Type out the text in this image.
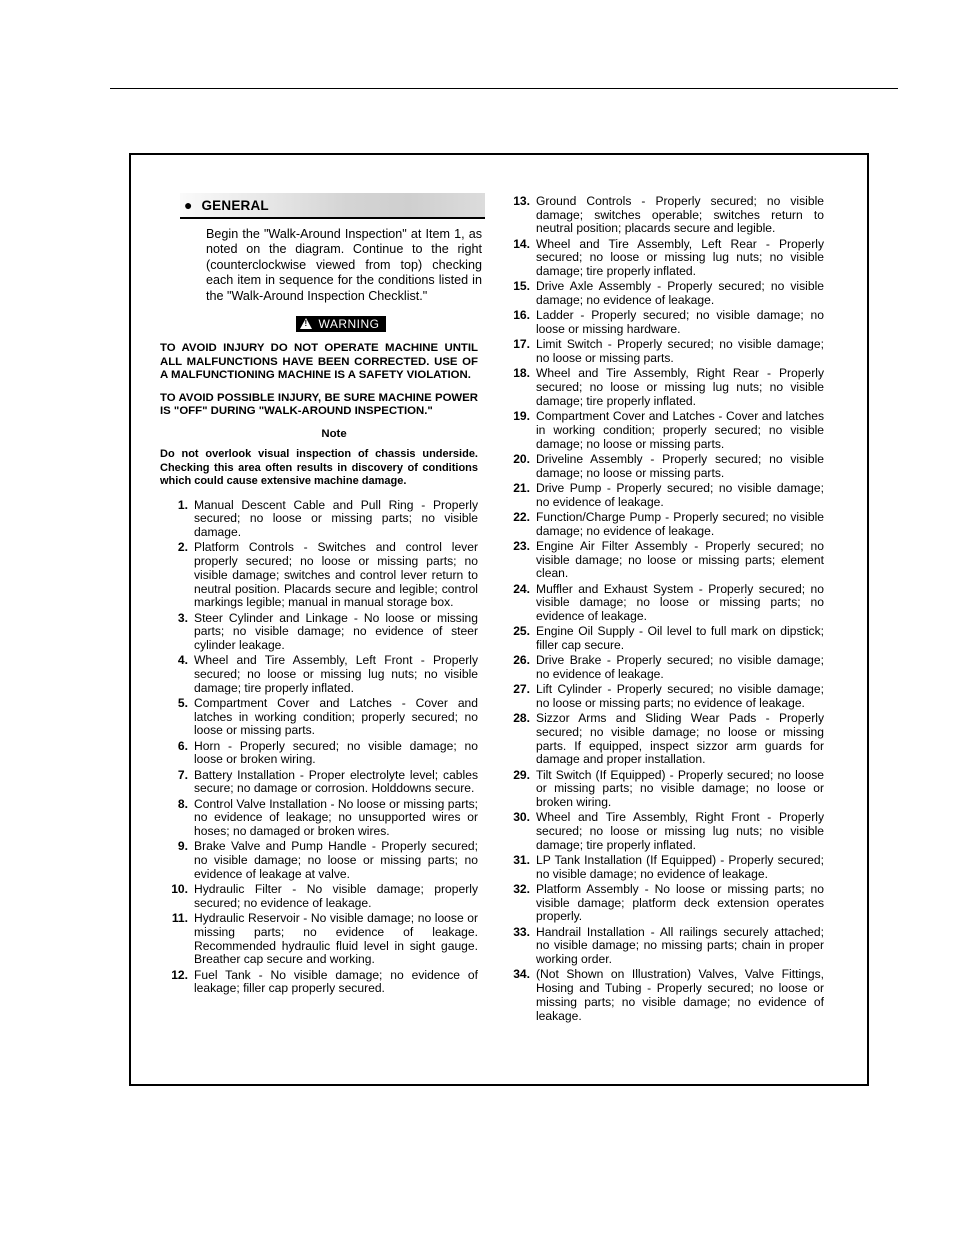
● GENERAL
Begin the "Walk-Around Inspection" at Item 1, as noted on the diagram. Continue to the right (counterclockwise viewed from top) checking each item in sequence for the conditions listed in the "Walk-Around Inspection Checklist."
!WARNING

TO AVOID INJURY DO NOT OPERATE MACHINE UNTIL ALL MALFUNCTIONS HAVE BEEN CORRECTED. USE OF A MALFUNCTIONING MACHINE IS A SAFETY VIOLATION.

TO AVOID POSSIBLE INJURY, BE SURE MACHINE POWER IS "OFF" DURING "WALK-AROUND INSPECTION."

Note
Do not overlook visual inspection of chassis underside. Checking this area often results in discovery of conditions which could cause extensive machine damage.
1. Manual Descent Cable and Pull Ring - Properly secured; no loose or missing parts; no visible damage.
2. Platform Controls - Switches and control lever properly secured; no loose or missing parts; no visible damage; switches and control lever return to neutral position. Placards secure and legible; control markings legible; manual in manual storage box.
3. Steer Cylinder and Linkage - No loose or missing parts; no visible damage; no evidence of steer cylinder leakage.
4. Wheel and Tire Assembly, Left Front - Properly secured; no loose or missing lug nuts; no visible damage; tire properly inflated.
5. Compartment Cover and Latches - Cover and latches in working condition; properly secured; no loose or missing parts.
6. Horn - Properly secured; no visible damage; no loose or broken wiring.
7. Battery Installation - Proper electrolyte level; cables secure; no damage or corrosion. Holddowns secure.
8. Control Valve Installation - No loose or missing parts; no evidence of leakage; no unsupported wires or hoses; no damaged or broken wires.
9. Brake Valve and Pump Handle - Properly secured; no visible damage; no loose or missing parts; no evidence of leakage at valve.
10. Hydraulic Filter - No visible damage; properly secured; no evidence of leakage.
11. Hydraulic Reservoir - No visible damage; no loose or missing parts; no evidence of leakage. Recommended hydraulic fluid level in sight gauge. Breather cap secure and working.
12. Fuel Tank - No visible damage; no evidence of leakage; filler cap properly secured.
13. Ground Controls - Properly secured; no visible damage; switches operable; switches return to neutral position; placards secure and legible.
14. Wheel and Tire Assembly, Left Rear - Properly secured; no loose or missing lug nuts; no visible damage; tire properly inflated.
15. Drive Axle Assembly - Properly secured; no visible damage; no evidence of leakage.
16. Ladder - Properly secured; no visible damage; no loose or missing hardware.
17. Limit Switch - Properly secured; no visible damage; no loose or missing parts.
18. Wheel and Tire Assembly, Right Rear - Properly secured; no loose or missing lug nuts; no visible damage; tire properly inflated.
19. Compartment Cover and Latches - Cover and latches in working condition; properly secured; no visible damage; no loose or missing parts.
20. Driveline Assembly - Properly secured; no visible damage; no loose or missing parts.
21. Drive Pump - Properly secured; no visible damage; no evidence of leakage.
22. Function/Charge Pump - Properly secured; no visible damage; no evidence of leakage.
23. Engine Air Filter Assembly - Properly secured; no visible damage; no loose or missing parts; element clean.
24. Muffler and Exhaust System - Properly secured; no visible damage; no loose or missing parts; no evidence of leakage.
25. Engine Oil Supply - Oil level to full mark on dipstick; filler cap secure.
26. Drive Brake - Properly secured; no visible damage; no evidence of leakage.
27. Lift Cylinder - Properly secured; no visible damage; no loose or missing parts; no evidence of leakage.
28. Sizzor Arms and Sliding Wear Pads - Properly secured; no visible damage; no loose or missing parts. If equipped, inspect sizzor arm guards for damage and proper installation.
29. Tilt Switch (If Equipped) - Properly secured; no loose or missing parts; no visible damage; no loose or broken wiring.
30. Wheel and Tire Assembly, Right Front - Properly secured; no loose or missing lug nuts; no visible damage; tire properly inflated.
31. LP Tank Installation (If Equipped) - Properly secured; no visible damage; no evidence of leakage.
32. Platform Assembly - No loose or missing parts; no visible damage; platform deck extension operates properly.
33. Handrail Installation - All railings securely attached; no visible damage; no missing parts; chain in proper working order.
34. (Not Shown on Illustration) Valves, Valve Fittings, Hosing and Tubing - Properly secured; no loose or missing parts; no visible damage; no evidence of leakage.
